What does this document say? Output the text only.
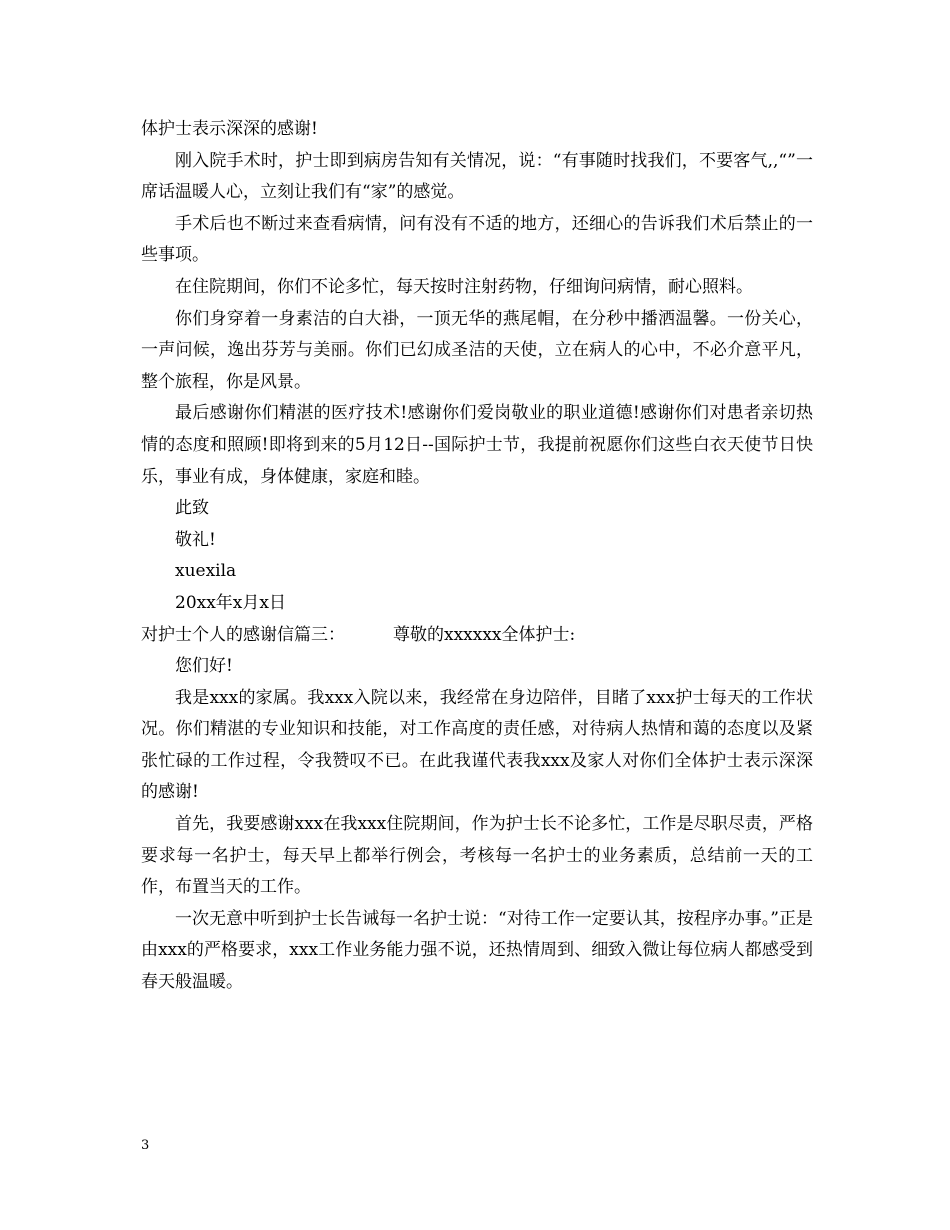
体护士表示深深的感谢!

刚入院手术时，护士即到病房告知有关情况，说：“有事随时找我们，不要客气,,“”一席话温暖人心，立刻让我们有“家”的感觉。

手术后也不断过来查看病情，问有没有不适的地方，还细心的告诉我们术后禁止的一些事项。

在住院期间，你们不论多忙，每天按时注射药物，仔细询问病情，耐心照料。

你们身穿着一身素洁的白大褂，一顶无华的燕尾帽，在分秒中播洒温馨。一份关心，一声问候，逸出芬芳与美丽。你们已幻成圣洁的天使，立在病人的心中，不必介意平凡，整个旅程，你是风景。

最后感谢你们精湛的医疗技术!感谢你们爱岗敬业的职业道德!感谢你们对患者亲切热情的态度和照顾!即将到来的5月12日--国际护士节，我提前祝愿你们这些白衣天使节日快乐，事业有成，身体健康，家庭和睦。

此致

敬礼!

xuexila

20xx年x月x日

对护士个人的感谢信篇三：	尊敬的xxxxxx全体护士:

您们好!

我是xxx的家属。我xxx入院以来，我经常在身边陪伴，目睹了xxx护士每天的工作状况。你们精湛的专业知识和技能，对工作高度的责任感，对待病人热情和蔼的态度以及紧张忙碌的工作过程，令我赞叹不已。在此我谨代表我xxx及家人对你们全体护士表示深深的感谢!

首先，我要感谢xxx在我xxx住院期间，作为护士长不论多忙，工作是尽职尽责，严格要求每一名护士，每天早上都举行例会，考核每一名护士的业务素质，总结前一天的工作，布置当天的工作。

一次无意中听到护士长告诫每一名护士说：“对待工作一定要认其，按程序办事。”正是由xxx的严格要求，xxx工作业务能力强不说，还热情周到、细致入微让每位病人都感受到春天般温暖。

3
